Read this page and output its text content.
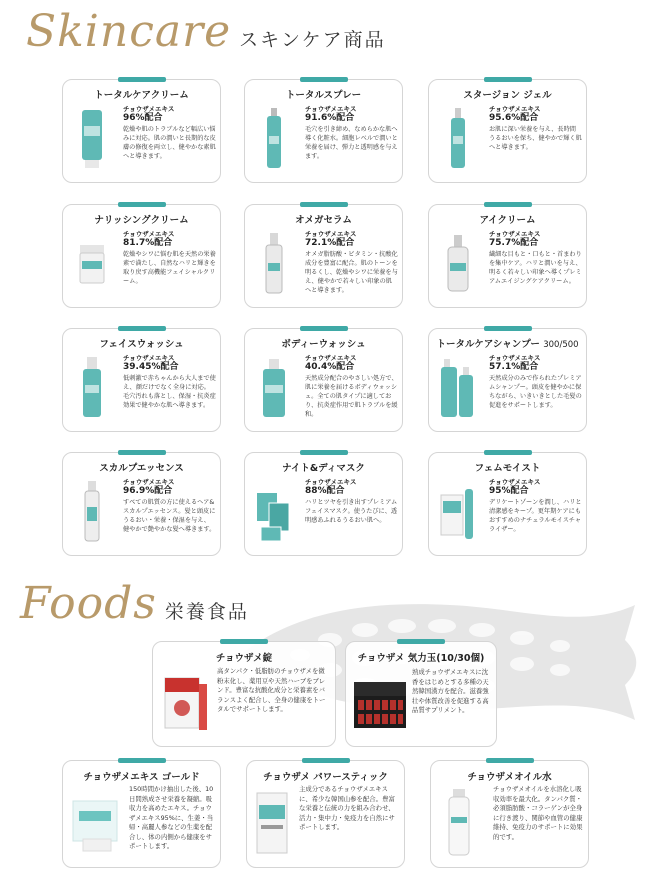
Skincare スキンケア商品
トータルケアクリーム
チョウザメエキス
96%配合
乾燥や肌のトラブルなど幅広い悩みに対応。肌の潤いと長期的な皮膚の修復を両立し、健やかな素肌へと導きます。
トータルスプレー
チョウザメエキス
91.6%配合
毛穴を引き締め、なめらかな肌へ導く化粧水。細胞レベルで潤いと栄養を届け、弾力と透明感を与えます。
スタージョン ジェル
チョウザメエキス
95.6%配合
お肌に深い栄養を与え、長時間うるおいを保ち、健やかで輝く肌へと導きます。
ナリッシングクリーム
チョウザメエキス
81.7%配合
乾燥やシワに悩む肌を天然の栄養素で満たし、自然なハリと輝きを取り戻す高機能フェイシャルクリーム。
オメガセラム
チョウザメエキス
72.1%配合
オメガ脂肪酸・ビタミン・抗酸化成分を豊富に配合。肌のトーンを明るくし、乾燥やシワに栄養を与え、健やかで若々しい印象の肌へと導きます。
アイクリーム
チョウザメエキス
75.7%配合
繊細な目もと・口もと・首まわりを集中ケア。ハリと潤いを与え、明るく若々しい印象へ導くプレミアムエイジングケアクリーム。
フェイスウォッシュ
チョウザメエキス
39.45%配合
低刺激で赤ちゃんから大人まで使え、顔だけでなく全身に対応。毛穴汚れも落とし、保湿・抗炎症効果で健やかな肌へ導きます。
ボディーウォッシュ
チョウザメエキス
40.4%配合
天然成分配合のやさしい処方で、肌に栄養を届けるボディウォッシュ。全ての肌タイプに適しており、抗炎症作用で肌トラブルを緩和。
トータルケアシャンプー 300/500
チョウザメエキス
57.1%配合
天然成分のみで作られたプレミアムシャンプー。頭皮を健やかに保ちながら、いきいきとした毛髪の促進をサポートします。
スカルプエッセンス
チョウザメエキス
96.9%配合
すべての肌質の方に使えるヘア&スカルプエッセンス。髪と頭皮にうるおい・栄養・保湿を与え、健やかで艶やかな髪へ導きます。
ナイト&ディマスク
チョウザメエキス
88%配合
ハリとツヤを引き出すプレミアムフェイスマスク。使うたびに、透明感あふれるうるおい肌へ。
フェムモイスト
チョウザメエキス
95%配合
デリケートゾーンを潤し、ハリと清潔感をキープ。更年期ケアにもおすすめのナチュラルモイスチャライザー。
Foods 栄養食品
チョウザメ錠
高タンパク・低脂肪のチョウザメを微粉末化し、薬用豆や天然ハーブをブレンド。豊富な抗酸化成分と栄養素をバランスよく配合し、全身の健康をトータルでサポートします。
チョウザメ 気力玉(10/30個)
熟成チョウザメエキスに沈香をはじめとする多種の天然韓国漢方を配合。滋養強壮や体質改善を促進する高品質サプリメント。
チョウザメエキス ゴールド
150時間かけ抽出した後、10日間熟成させ栄養を凝縮。吸収力を高めたエキス。チョウザメエキス95%に、生姜・当帰・高麗人参などの生薬を配合し、体の内側から健康をサポートします。
チョウザメ パワースティック
主成分であるチョウザメエキスに、希少な韓国山参を配合。豊富な栄養と伝統の力を組み合わせ、活力・集中力・免疫力を自然にサポートします。
チョウザメオイル水
チョウザメオイルを水溶化し吸収効率を最大化。タンパク質・必須脂肪酸・コラーゲンが全身に行き渡り、関節や血管の健康維持、免疫力のサポートに効果的です。
